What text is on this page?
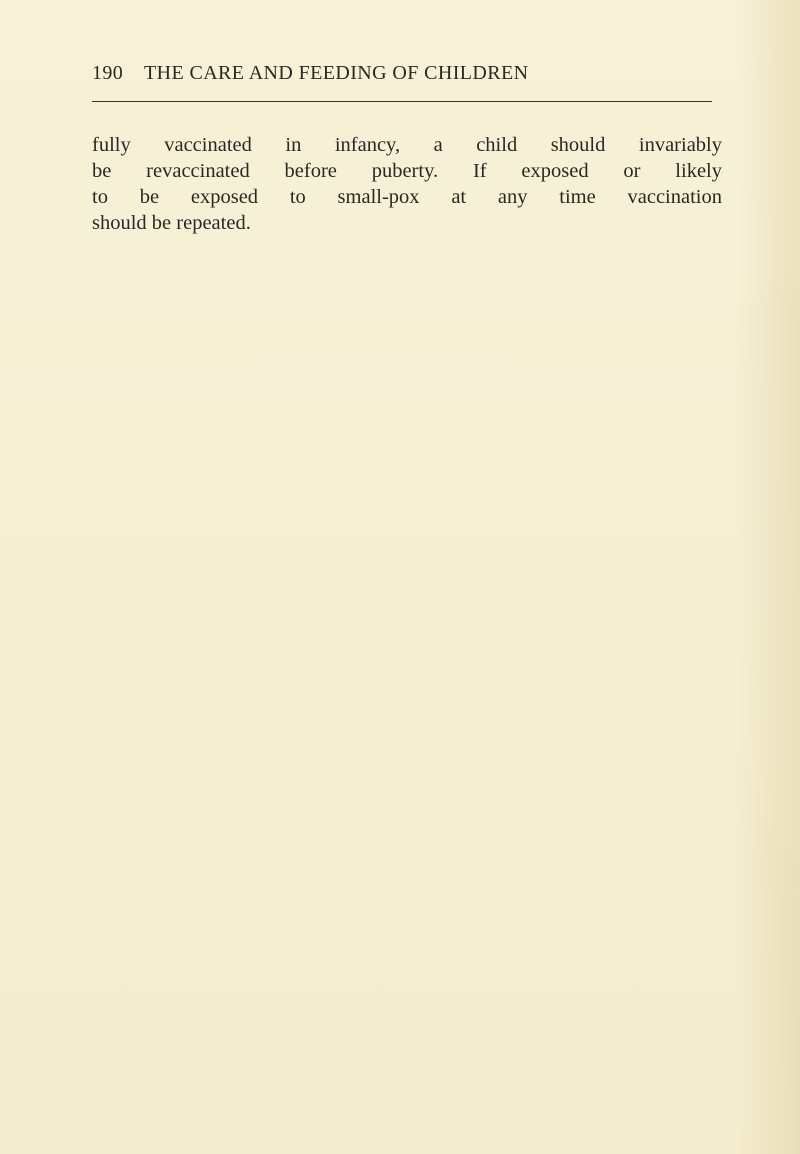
190 THE CARE AND FEEDING OF CHILDREN
fully vaccinated in infancy, a child should invariably
be revaccinated before puberty. If exposed or likely
to be exposed to small-pox at any time vaccination
should be repeated.
